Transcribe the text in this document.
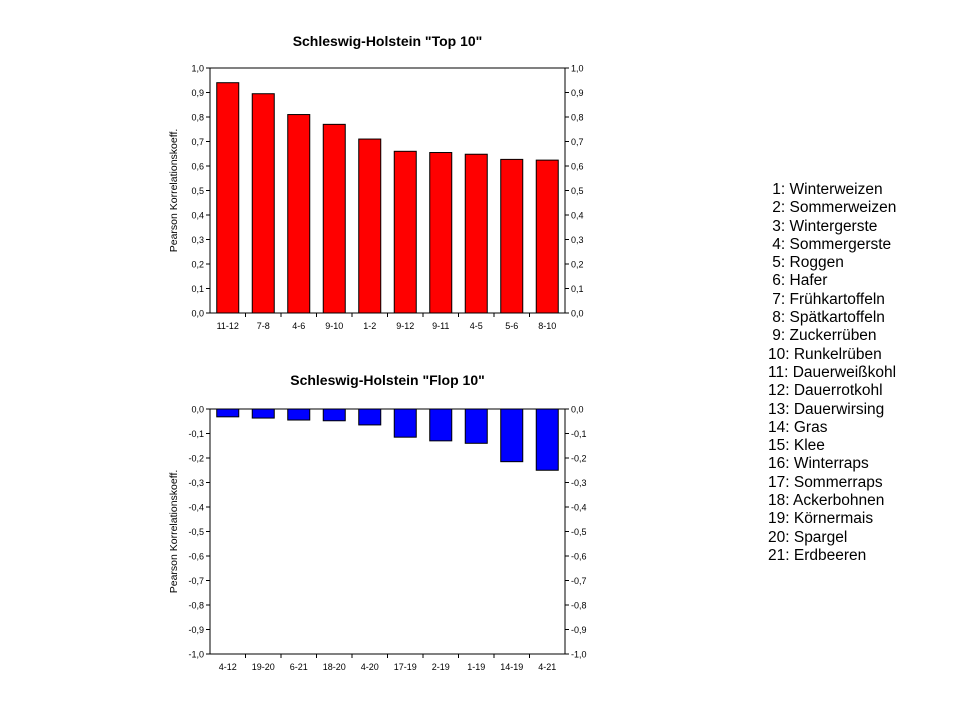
Schleswig-Holstein "Top 10"
Pearson Korrelationskoeff.
0,0	0,0
0,1	0,1
0,2	0,2
0,3	0,3
0,4	0,4
0,5	0,5
0,6	0,6
0,7	0,7
0,8	0,8
0,9	0,9
1,0	1,0
11-12 7-8 4-6 9-10 1-2 9-12 9-11 4-5 5-6 8-10
Schleswig-Holstein "Flop 10"
Pearson Korrelationskoeff.
-1,0	-1,0
-0,9	-0,9
-0,8	-0,8
-0,7	-0,7
-0,6	-0,6
-0,5	-0,5
-0,4	-0,4
-0,3	-0,3
-0,2	-0,2
-0,1	-0,1
0,0	0,0
4-12 19-20 6-21 18-20 4-20 17-19 2-19 1-19 14-19 4-21
1: Winterweizen
2: Sommerweizen
3: Wintergerste
4: Sommergerste
5: Roggen
6: Hafer
7: Frühkartoffeln
8: Spätkartoffeln
9: Zuckerrüben
10: Runkelrüben
11: Dauerweißkohl
12: Dauerrotkohl
13: Dauerwirsing
14: Gras
15: Klee
16: Winterraps
17: Sommerraps
18: Ackerbohnen
19: Körnermais
20: Spargel
21: Erdbeeren
